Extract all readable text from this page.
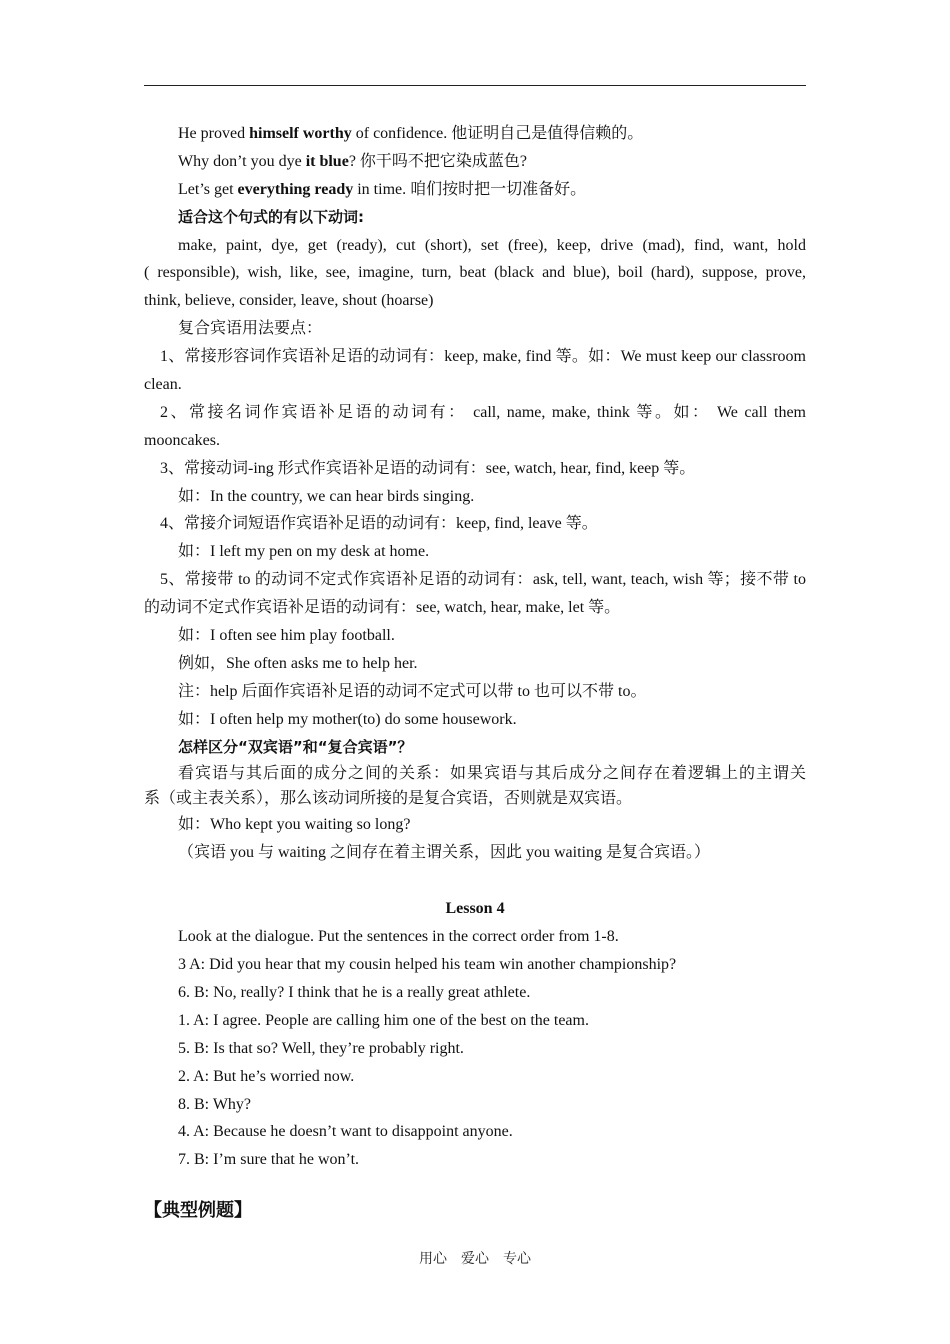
He proved himself worthy of confidence. 他证明自己是值得信赖的。
Why don’t you dye it blue? 你干吗不把它染成蓝色?
Let’s get everything ready in time. 咱们按时把一切准备好。
适合这个句式的有以下动词:
make, paint, dye, get (ready), cut (short), set (free), keep, drive (mad), find, want, hold
( responsible), wish, like, see, imagine, turn, beat (black and blue), boil (hard), suppose, prove,
think, believe, consider, leave, shout (hoarse)
复合宾语用法要点：
1、常接形容词作宾语补足语的动词有：keep, make, find 等。如：We must keep our classroom
clean.
2、常接名词作宾语补足语的动词有： call, name, make, think 等。如： We call them
mooncakes.
3、常接动词-ing 形式作宾语补足语的动词有：see, watch, hear, find, keep 等。
如：In the country, we can hear birds singing.
4、常接介词短语作宾语补足语的动词有：keep, find, leave 等。
如：I left my pen on my desk at home.
5、常接带 to 的动词不定式作宾语补足语的动词有：ask, tell, want, teach, wish 等；接不带 to
的动词不定式作宾语补足语的动词有：see, watch, hear, make, let 等。
如：I often see him play football.
例如，She often asks me to help her.
注：help 后面作宾语补足语的动词不定式可以带 to 也可以不带 to。
如：I often help my mother(to) do some housework.
怎样区分“双宾语”和“复合宾语”？
看宾语与其后面的成分之间的关系：如果宾语与其后成分之间存在着逻辑上的主谓关
系（或主表关系），那么该动词所接的是复合宾语，否则就是双宾语。
如：Who kept you waiting so long?
（宾语 you 与 waiting 之间存在着主谓关系，因此 you waiting 是复合宾语。）
Lesson 4
Look at the dialogue. Put the sentences in the correct order from 1-8.
3 A: Did you hear that my cousin helped his team win another championship?
6. B: No, really? I think that he is a really great athlete.
1. A: I agree. People are calling him one of the best on the team.
5. B: Is that so? Well, they’re probably right.
2. A: But he’s worried now.
8. B: Why?
4. A: Because he doesn’t want to disappoint anyone.
7. B: I’m sure that he won’t.
【典型例题】
用心　爱心　专心
